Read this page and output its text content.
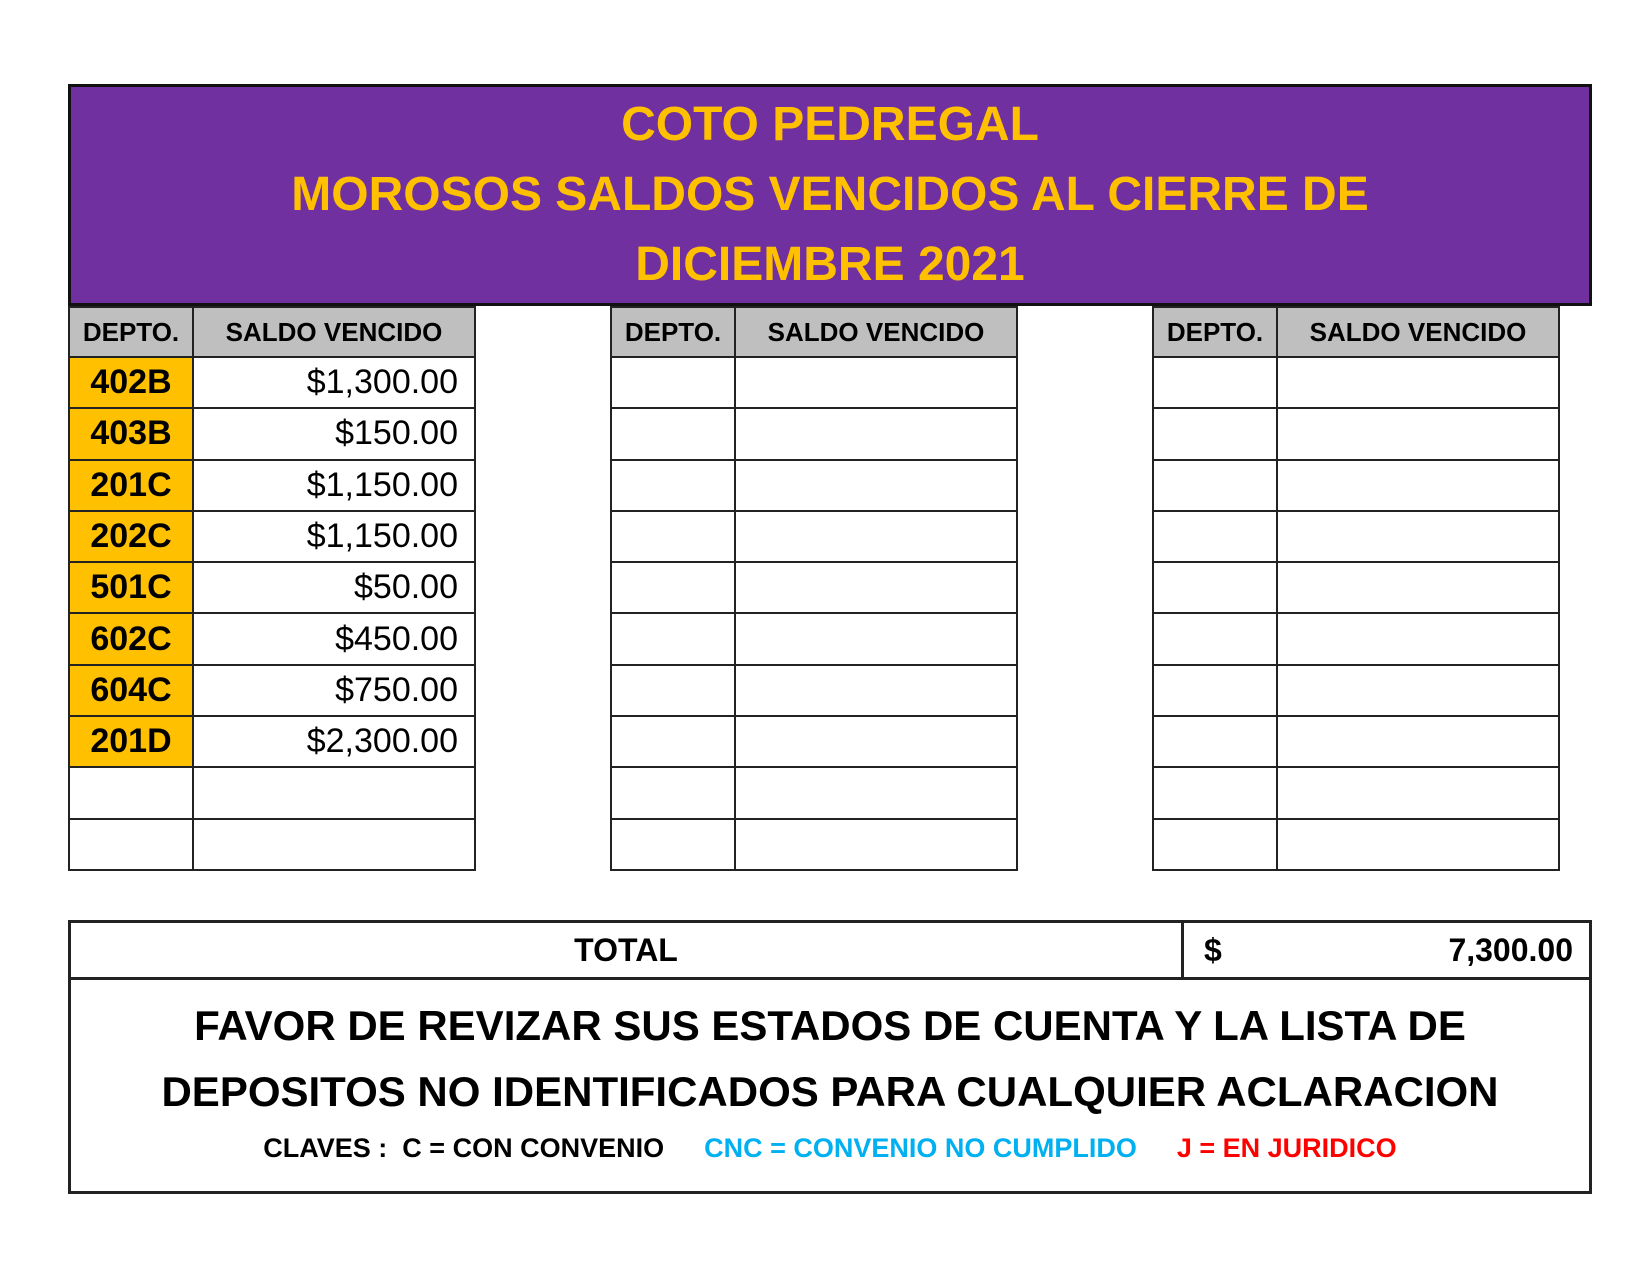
COTO PEDREGAL
MOROSOS SALDOS VENCIDOS AL CIERRE DE
DICIEMBRE 2021
DEPTO.	SALDO VENCIDO
402B	$1,300.00
403B	$150.00
201C	$1,150.00
202C	$1,150.00
501C	$50.00
602C	$450.00
604C	$750.00
201D	$2,300.00

DEPTO.	SALDO VENCIDO

		DEPTO.	SALDO VENCIDO

TOTAL	$	7,300.00
FAVOR DE REVIZAR SUS ESTADOS DE CUENTA Y LA LISTA DE
DEPOSITOS NO IDENTIFICADOS PARA CUALQUIER ACLARACION
CLAVES :  C = CON CONVENIO CNC = CONVENIO NO CUMPLIDO J = EN JURIDICO
